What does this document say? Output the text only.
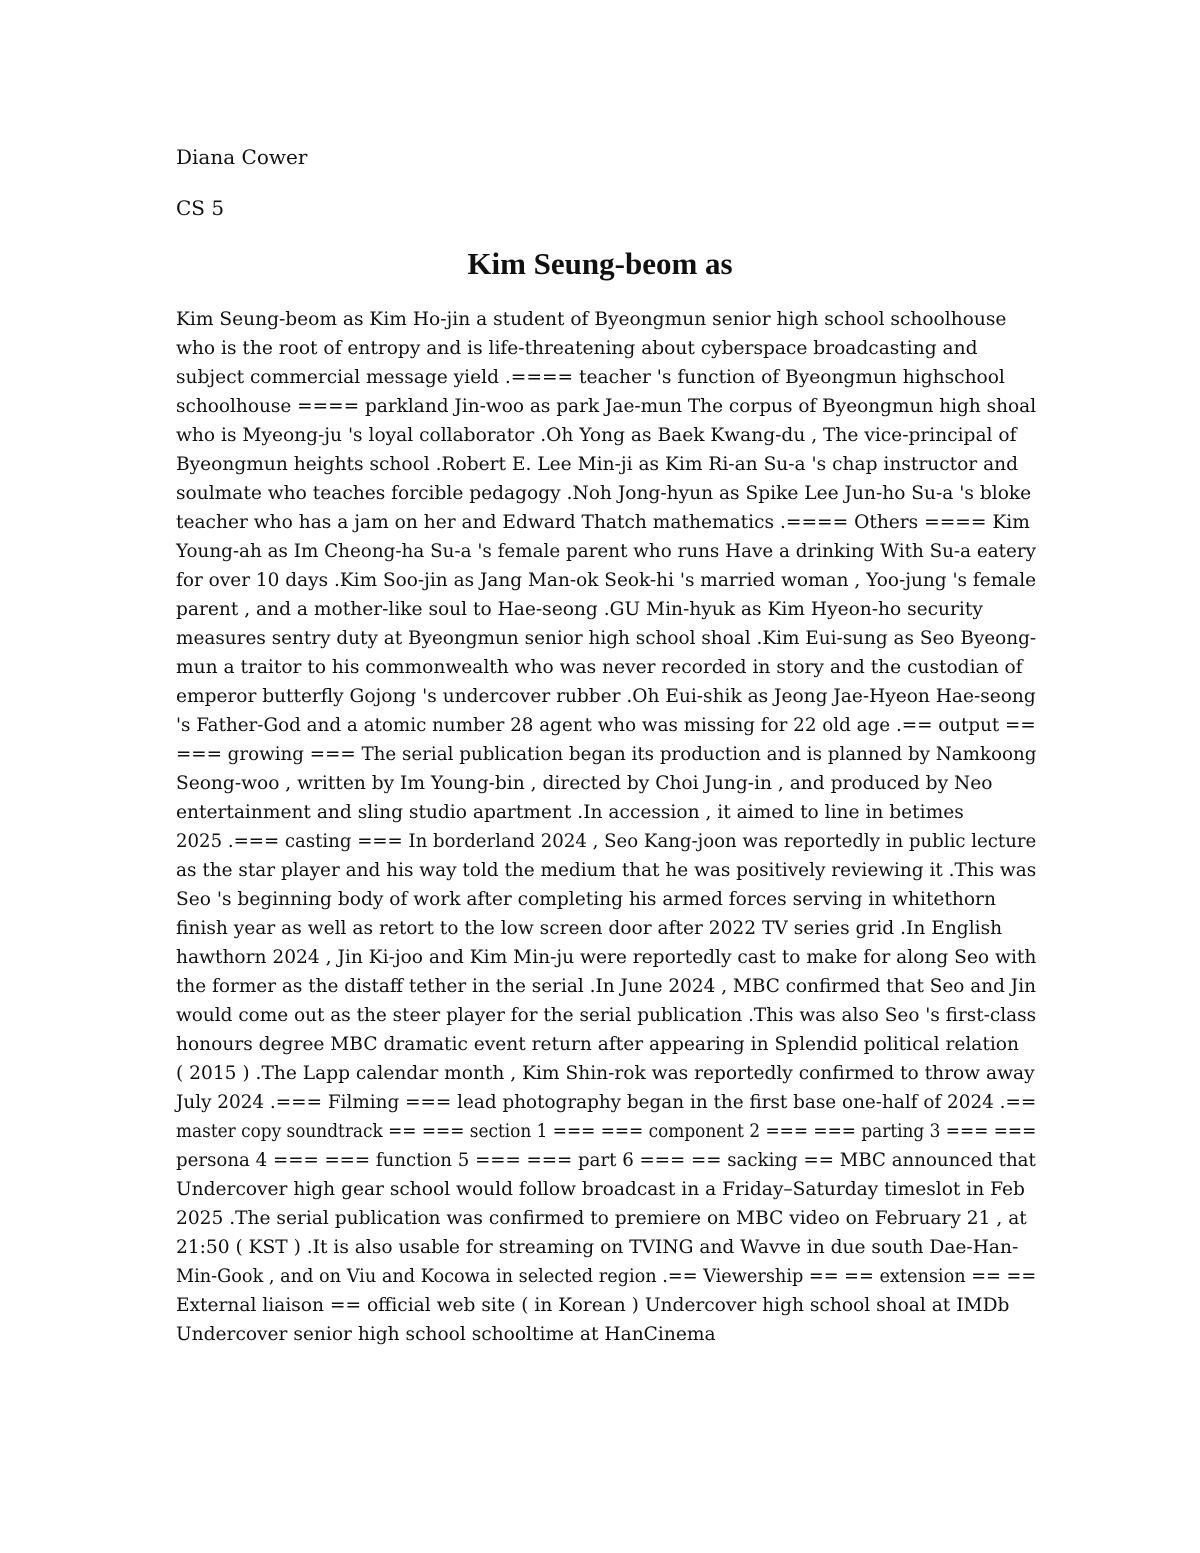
Diana Cower

CS 5

Kim Seung-beom as
Kim Seung-beom as Kim Ho-jin a student of Byeongmun senior high school schoolhouse
who is the root of entropy and is life-threatening about cyberspace broadcasting and
subject commercial message yield .==== teacher 's function of Byeongmun highschool
schoolhouse ==== parkland Jin-woo as park Jae-mun The corpus of Byeongmun high shoal
who is Myeong-ju 's loyal collaborator .Oh Yong as Baek Kwang-du , The vice-principal of
Byeongmun heights school .Robert E. Lee Min-ji as Kim Ri-an Su-a 's chap instructor and
soulmate who teaches forcible pedagogy .Noh Jong-hyun as Spike Lee Jun-ho Su-a 's bloke
teacher who has a jam on her and Edward Thatch mathematics .==== Others ==== Kim
Young-ah as Im Cheong-ha Su-a 's female parent who runs Have a drinking With Su-a eatery
for over 10 days .Kim Soo-jin as Jang Man-ok Seok-hi 's married woman , Yoo-jung 's female
parent , and a mother-like soul to Hae-seong .GU Min-hyuk as Kim Hyeon-ho security
measures sentry duty at Byeongmun senior high school shoal .Kim Eui-sung as Seo Byeong-
mun a traitor to his commonwealth who was never recorded in story and the custodian of
emperor butterfly Gojong 's undercover rubber .Oh Eui-shik as Jeong Jae-Hyeon Hae-seong
's Father-God and a atomic number 28 agent who was missing for 22 old age .== output ==
=== growing === The serial publication began its production and is planned by Namkoong
Seong-woo , written by Im Young-bin , directed by Choi Jung-in , and produced by Neo
entertainment and sling studio apartment .In accession , it aimed to line in betimes
2025 .=== casting === In borderland 2024 , Seo Kang-joon was reportedly in public lecture
as the star player and his way told the medium that he was positively reviewing it .This was
Seo 's beginning body of work after completing his armed forces serving in whitethorn
finish year as well as retort to the low screen door after 2022 TV series grid .In English
hawthorn 2024 , Jin Ki-joo and Kim Min-ju were reportedly cast to make for along Seo with
the former as the distaff tether in the serial .In June 2024 , MBC confirmed that Seo and Jin
would come out as the steer player for the serial publication .This was also Seo 's first-class
honours degree MBC dramatic event return after appearing in Splendid political relation
( 2015 ) .The Lapp calendar month , Kim Shin-rok was reportedly confirmed to throw away
July 2024 .=== Filming === lead photography began in the first base one-half of 2024 .==
master copy soundtrack == === section 1 === === component 2 === === parting 3 === ===
persona 4 === === function 5 === === part 6 === == sacking == MBC announced that
Undercover high gear school would follow broadcast in a Friday–Saturday timeslot in Feb
2025 .The serial publication was confirmed to premiere on MBC video on February 21 , at
21:50 ( KST ) .It is also usable for streaming on TVING and Wavve in due south Dae-Han-
Min-Gook , and on Viu and Kocowa in selected region .== Viewership == == extension == ==
External liaison == official web site ( in Korean ) Undercover high school shoal at IMDb
Undercover senior high school schooltime at HanCinema
